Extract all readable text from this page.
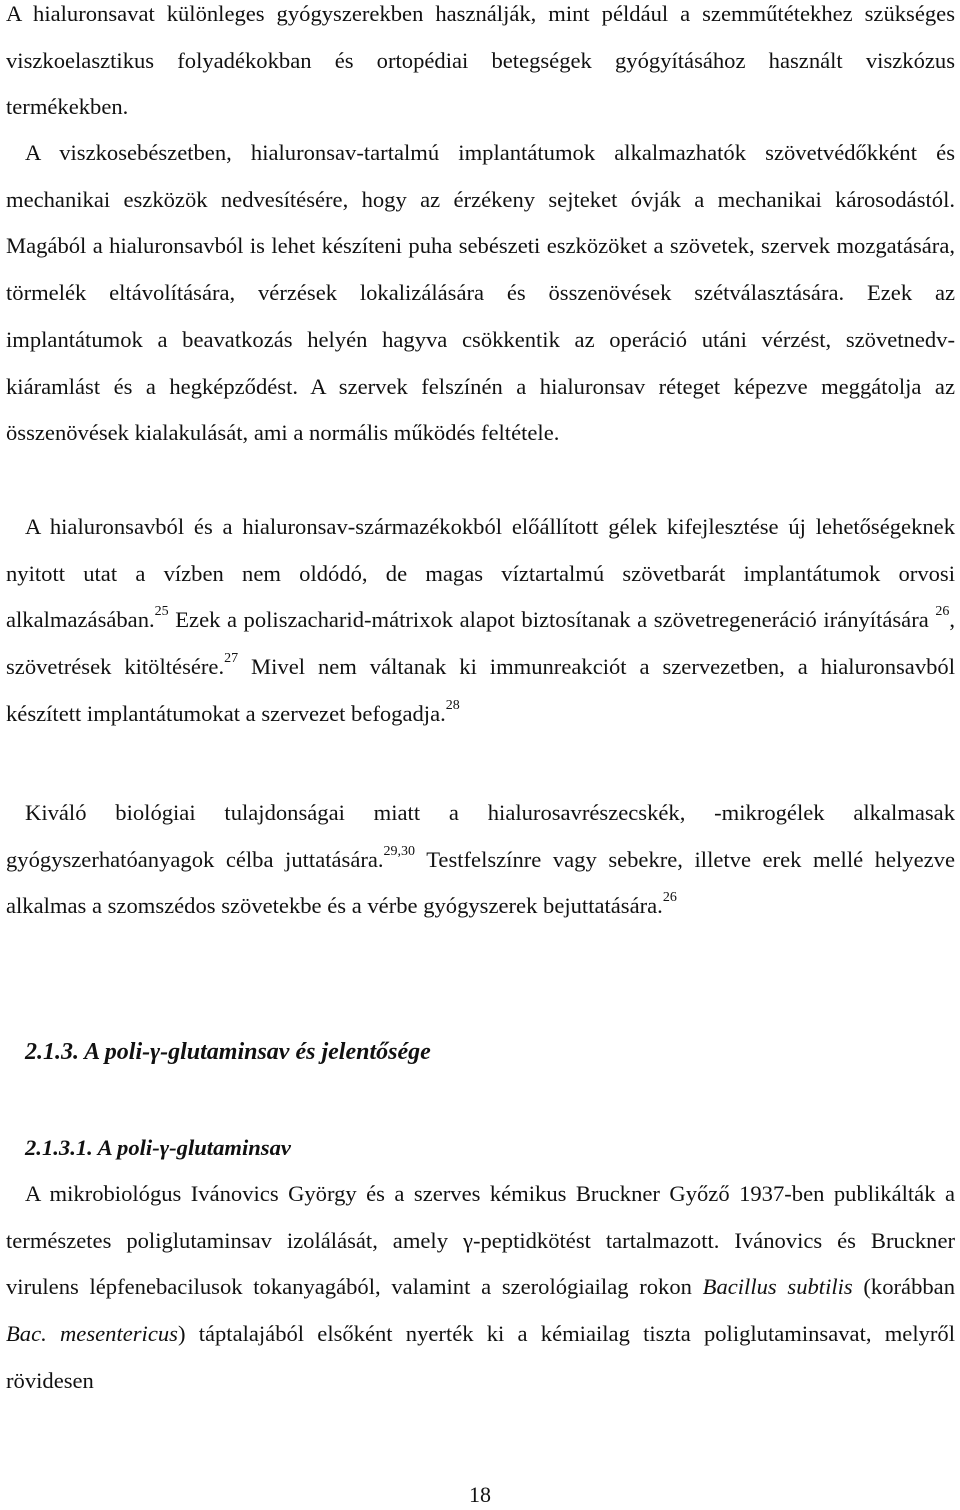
A hialuronsavat különleges gyógyszerekben használják, mint például a szemműtétekhez szükséges viszkoelasztikus folyadékokban és ortopédiai betegségek gyógyításához használt viszkózus termékekben.

A viszkosebészetben, hialuronsav-tartalmú implantátumok alkalmazhatók szövetvédőkként és mechanikai eszközök nedvesítésére, hogy az érzékeny sejteket óvják a mechanikai károsodástól. Magából a hialuronsavból is lehet készíteni puha sebészeti eszközöket a szövetek, szervek mozgatására, törmelék eltávolítására, vérzések lokalizálására és összenövések szétválasztására. Ezek az implantátumok a beavatkozás helyén hagyva csökkentik az operáció utáni vérzést, szövetnedv-kiáramlást és a hegképződést. A szervek felszínén a hialuronsav réteget képezve meggátolja az összenövések kialakulását, ami a normális működés feltétele.

A hialuronsavból és a hialuronsav-származékokból előállított gélek kifejlesztése új lehetőségeknek nyitott utat a vízben nem oldódó, de magas víztartalmú szövetbarát implantátumok orvosi alkalmazásában.$^{25}$ Ezek a poliszacharid-mátrixok alapot biztosítanak a szövetregeneráció irányítására $^{26}$, szövetrések kitöltésére.$^{27}$ Mivel nem váltanak ki immunreakciót a szervezetben, a hialuronsavból készített implantátumokat a szervezet befogadja.$^{28}$

Kiváló biológiai tulajdonságai miatt a hialurosavrészecskék, -mikrogélek alkalmasak gyógyszerhatóanyagok célba juttatására.$^{29,30}$ Testfelszínre vagy sebekre, illetve erek mellé helyezve alkalmas a szomszédos szövetekbe és a vérbe gyógyszerek bejuttatására.$^{26}$

2.1.3. A poli-γ-glutaminsav és jelentősége
2.1.3.1. A poli-γ-glutaminsav

A mikrobiológus Ivánovics György és a szerves kémikus Bruckner Győző 1937-ben publikálták a természetes poliglutaminsav izolálását, amely γ-peptidkötést tartalmazott. Ivánovics és Bruckner virulens lépfenebacilusok tokanyagából, valamint a szerológiailag rokon Bacillus subtilis (korábban Bac. mesentericus) táptalajából elsőként nyerték ki a kémiailag tiszta poliglutaminsavat, melyről rövidesen

18
